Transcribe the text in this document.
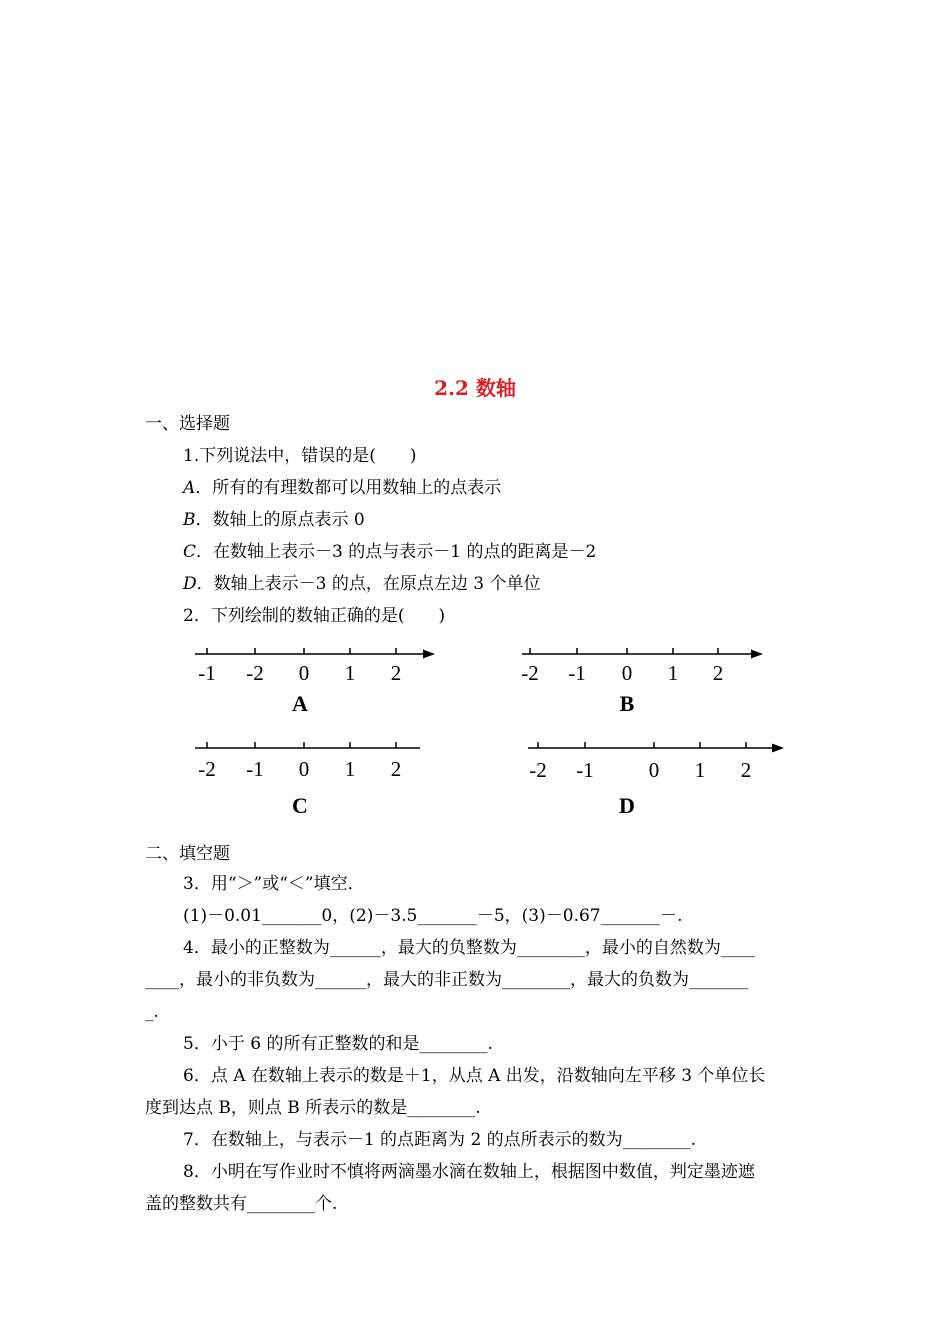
2.2 数轴
一、选择题
1.下列说法中，错误的是(　　)
A．所有的有理数都可以用数轴上的点表示
B．数轴上的原点表示 0
C．在数轴上表示－3 的点与表示－1 的点的距离是－2
D．数轴上表示－3 的点，在原点左边 3 个单位
2．下列绘制的数轴正确的是(　　)
-1 -2 0 1 2
A
-2 -1 0 1 2
B
-2 -1 0 1 2
C
-2 -1	0 1 2
D
二、填空题
3．用“＞”或“＜”填空．
(1)－0.01_______0，(2)－3.5_______－5，(3)－0.67_______－.
4．最小的正整数为______，最大的负整数为________，最小的自然数为____
____，最小的非负数为______，最大的非正数为________，最大的负数为_______
_.
5．小于 6 的所有正整数的和是________.
6．点 A 在数轴上表示的数是＋1，从点 A 出发，沿数轴向左平移 3 个单位长
度到达点 B，则点 B 所表示的数是________.
7．在数轴上，与表示－1 的点距离为 2 的点所表示的数为________.
8．小明在写作业时不慎将两滴墨水滴在数轴上，根据图中数值，判定墨迹遮
盖的整数共有________个.
